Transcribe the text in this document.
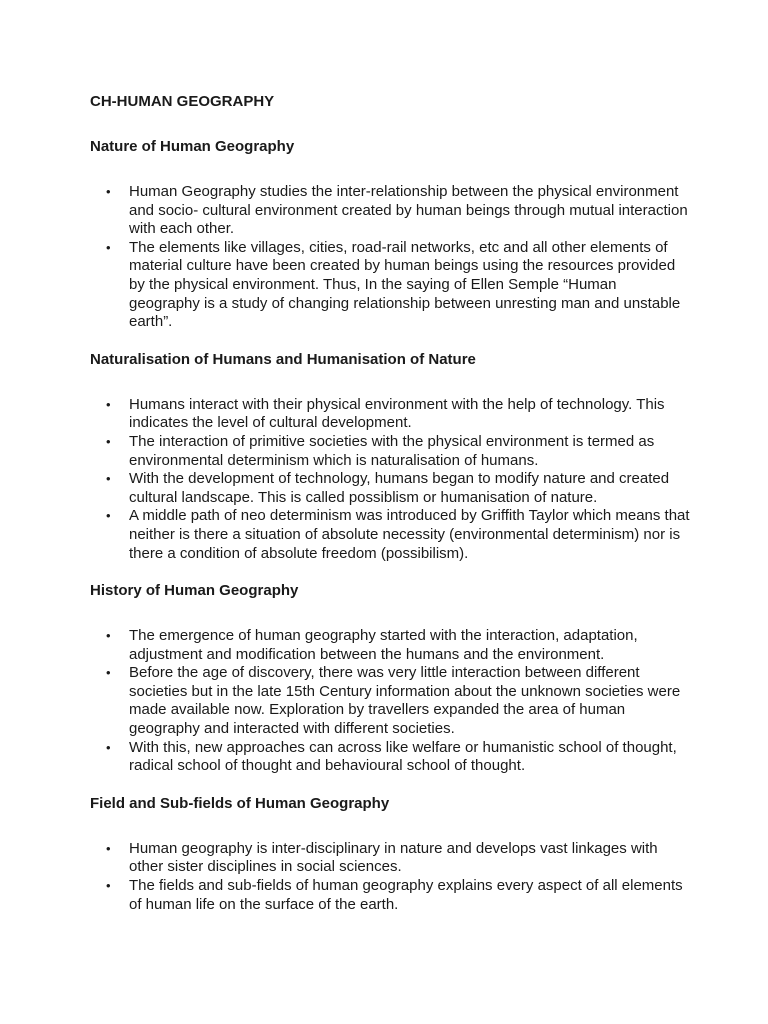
CH-HUMAN GEOGRAPHY
Nature of Human Geography
• Human Geography studies the inter-relationship between the physical environment and socio- cultural environment created by human beings through mutual interaction with each other.
• The elements like villages, cities, road-rail networks, etc and all other elements of material culture have been created by human beings using the resources provided by the physical environment. Thus, In the saying of Ellen Semple “Human geography is a study of changing relationship between unresting man and unstable earth”.
Naturalisation of Humans and Humanisation of Nature
• Humans interact with their physical environment with the help of technology. This indicates the level of cultural development.
• The interaction of primitive societies with the physical environment is termed as environmental determinism which is naturalisation of humans.
• With the development of technology, humans began to modify nature and created cultural landscape. This is called possiblism or humanisation of nature.
• A middle path of neo determinism was introduced by Griffith Taylor which means that neither is there a situation of absolute necessity (environmental determinism) nor is there a condition of absolute freedom (possibilism).
History of Human Geography
• The emergence of human geography started with the interaction, adaptation, adjustment and modification between the humans and the environment.
• Before the age of discovery, there was very little interaction between different societies but in the late 15th Century information about the unknown societies were made available now. Exploration by travellers expanded the area of human geography and interacted with different societies.
• With this, new approaches can across like welfare or humanistic school of thought, radical school of thought and behavioural school of thought.
Field and Sub-fields of Human Geography
• Human geography is inter-disciplinary in nature and develops vast linkages with other sister disciplines in social sciences.
• The fields and sub-fields of human geography explains every aspect of all elements of human life on the surface of the earth.
